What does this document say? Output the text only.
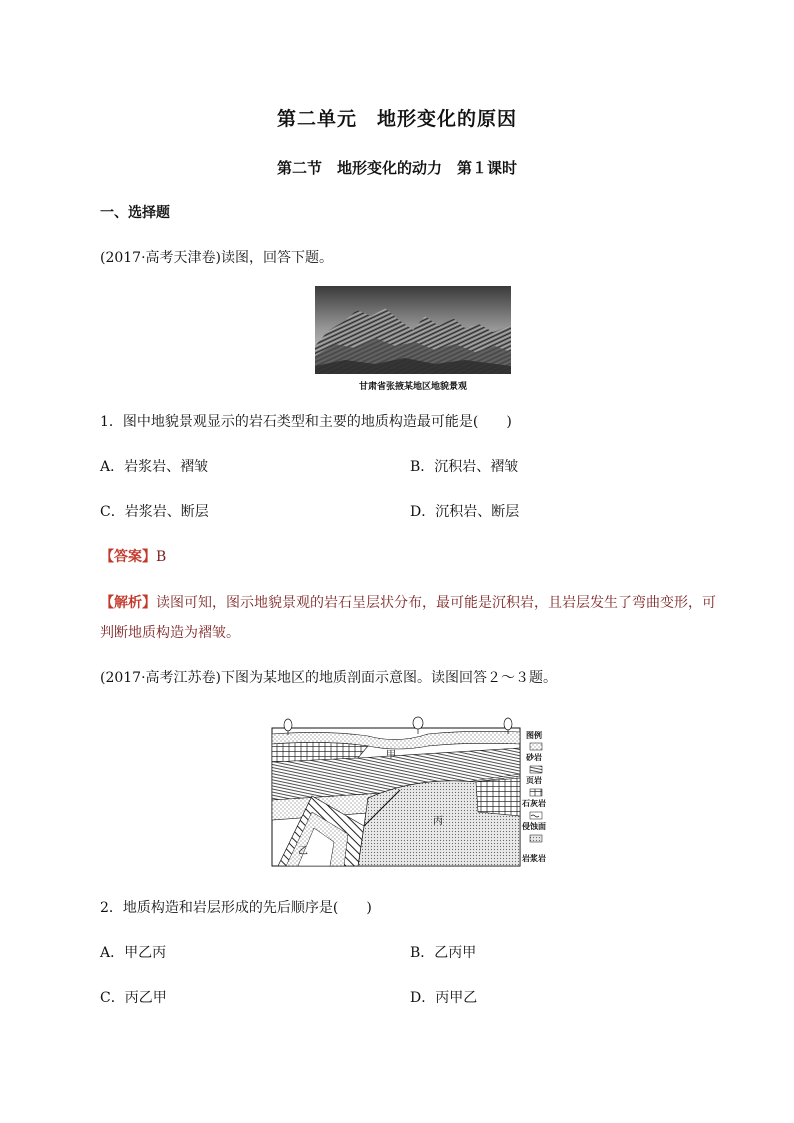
第二单元　地形变化的原因
第二节　地形变化的动力　第１课时
一、选择题
(2017·高考天津卷)读图，回答下题。
甘肃省张掖某地区地貌景观
1．图中地貌景观显示的岩石类型和主要的地质构造最可能是(　　)
A．岩浆岩、褶皱	B．沉积岩、褶皱
C．岩浆岩、断层	D．沉积岩、断层
【答案】B
【解析】读图可知，图示地貌景观的岩石呈层状分布，最可能是沉积岩，且岩层发生了弯曲变形，可
判断地质构造为褶皱。
(2017·高考江苏卷)下图为某地区的地质剖面示意图。读图回答２～３题。
甲
乙
丙
图例
砂岩
页岩
石灰岩
侵蚀面
岩浆岩
2．地质构造和岩层形成的先后顺序是(　　)
A．甲乙丙	B．乙丙甲
C．丙乙甲	D．丙甲乙
